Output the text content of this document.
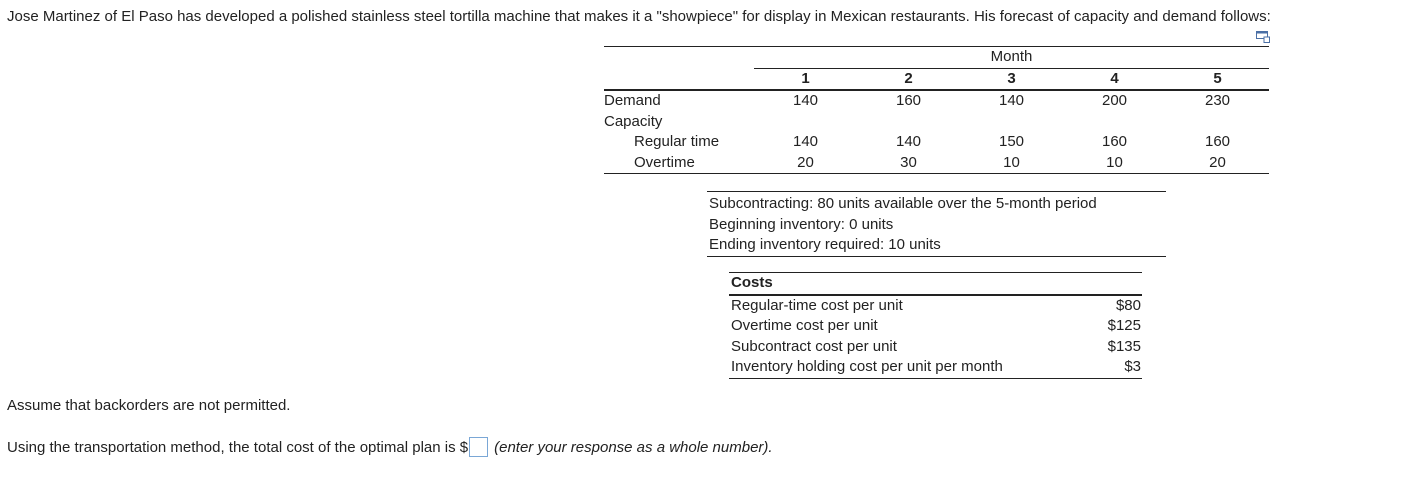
Jose Martinez of El Paso has developed a polished stainless steel tortilla machine that makes it a "showpiece" for display in Mexican restaurants. His forecast of capacity and demand follows:
	Month				
	1	2	3	4	5
Demand	140	160	140	200	230
Capacity					
Regular time	140	140	150	160	160
Overtime	20	30	10	10	20
Subcontracting: 80 units available over the 5-month period
Beginning inventory: 0 units
Ending inventory required: 10 units
Costs	
Regular-time cost per unit	$80
Overtime cost per unit	$125
Subcontract cost per unit	$135
Inventory holding cost per unit per month	$3
Assume that backorders are not permitted.
Using the transportation method, the total cost of the optimal plan is $ (enter your response as a whole number).
